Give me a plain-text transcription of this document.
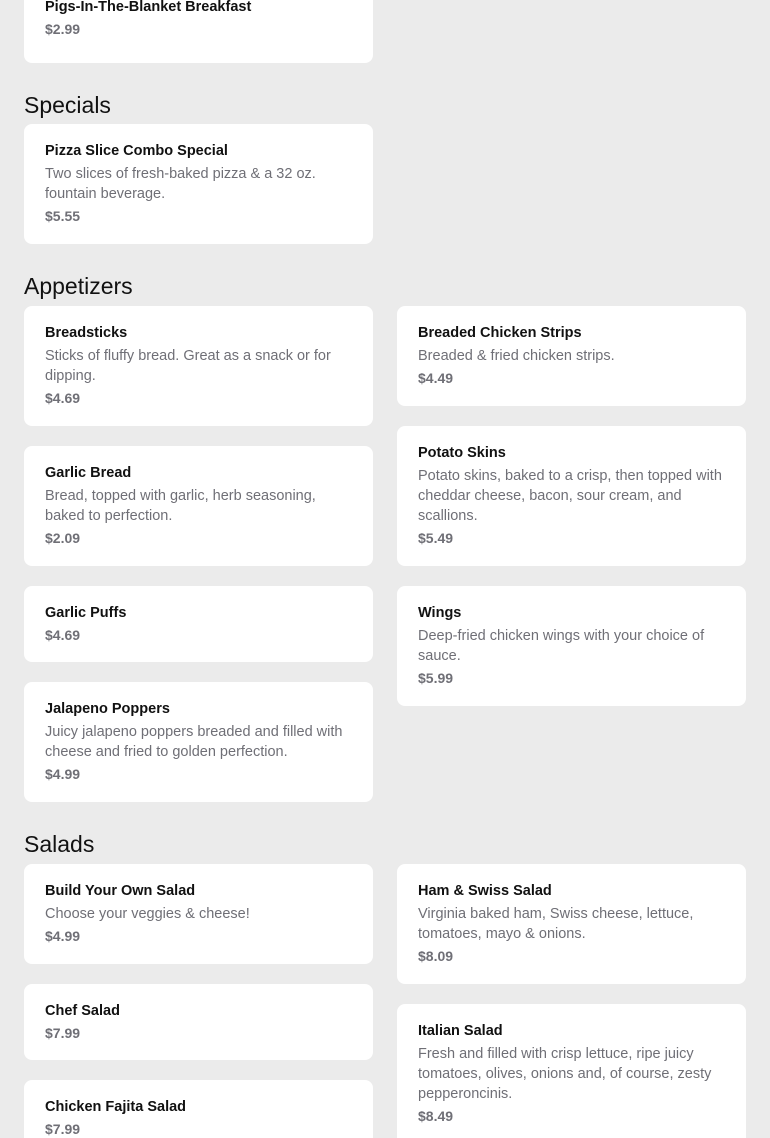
Pigs-In-The-Blanket Breakfast
$2.99
Specials
Pizza Slice Combo Special
Two slices of fresh-baked pizza & a 32 oz. fountain beverage.
$5.55
Appetizers
Breadsticks
Sticks of fluffy bread. Great as a snack or for dipping.
$4.69
Breaded Chicken Strips
Breaded & fried chicken strips.
$4.49
Garlic Bread
Bread, topped with garlic, herb seasoning, baked to perfection.
$2.09
Potato Skins
Potato skins, baked to a crisp, then topped with cheddar cheese, bacon, sour cream, and scallions.
$5.49
Garlic Puffs
$4.69
Wings
Deep-fried chicken wings with your choice of sauce.
$5.99
Jalapeno Poppers
Juicy jalapeno poppers breaded and filled with cheese and fried to golden perfection.
$4.99
Salads
Build Your Own Salad
Choose your veggies & cheese!
$4.99
Ham & Swiss Salad
Virginia baked ham, Swiss cheese, lettuce, tomatoes, mayo & onions.
$8.09
Chef Salad
$7.99	Italian Salad
Fresh and filled with crisp lettuce, ripe juicy tomatoes, olives, onions and, of course, zesty pepperoncinis.
$8.49
Chicken Fajita Salad
$7.99
